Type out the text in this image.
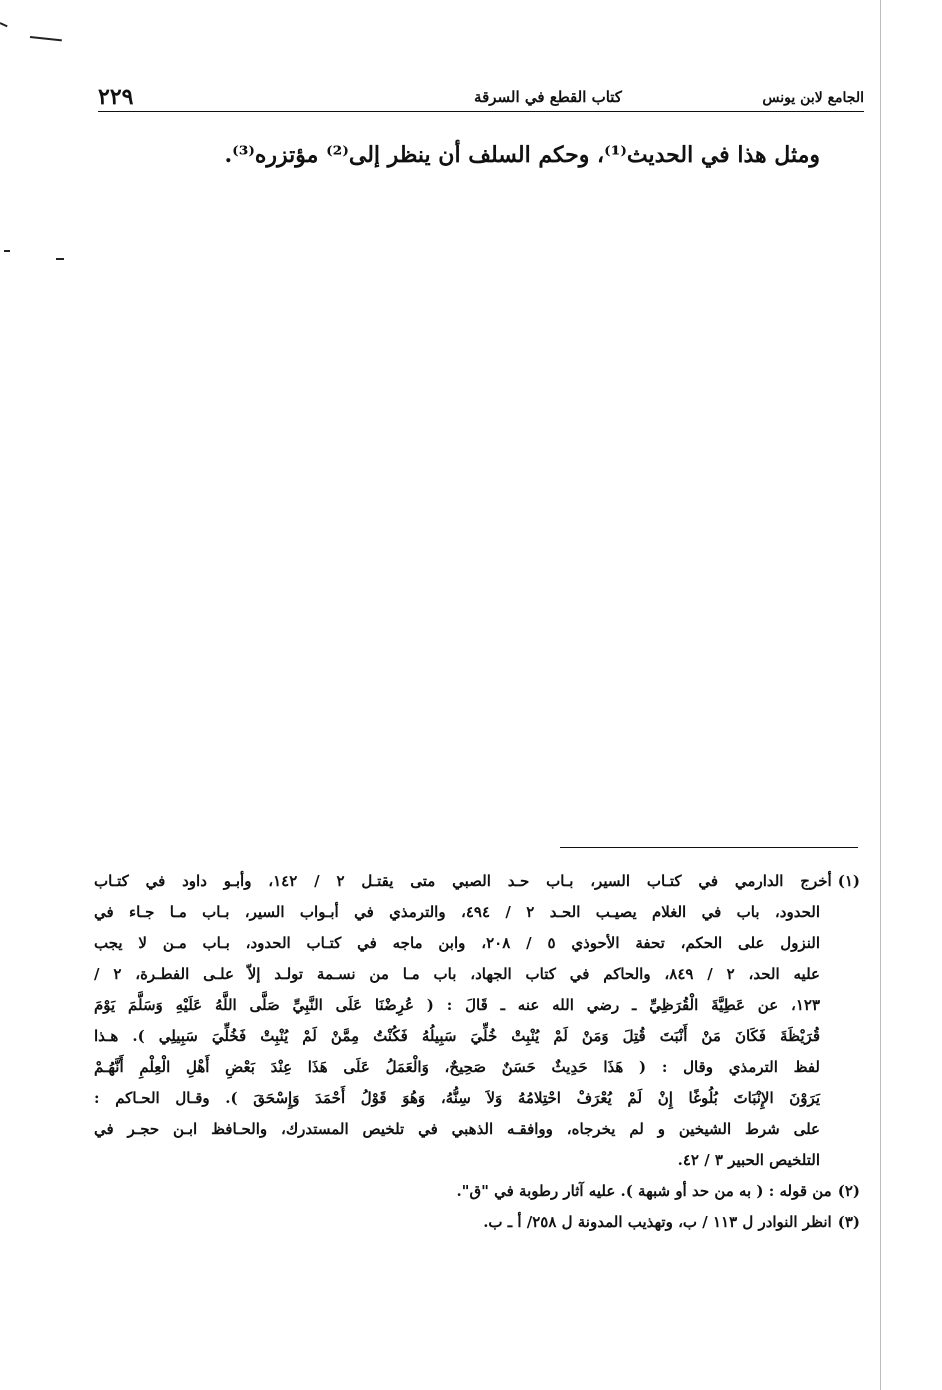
٢٢٩	كتاب القطع في السرقة	الجامع لابن يونس
ومثل هذا في الحديث⁽¹⁾، وحكم السلف أن ينظر إلى⁽²⁾ مؤتزره⁽³⁾.
(١)أخرج الدارمي في كتـاب السير، بـاب حـد الصبي متى يقتـل ٢ / ١٤٢، وأبـو داود في كتـاب
الحدود، باب في الغلام يصيـب الحـد ٢ / ٤٩٤، والترمذي في أبـواب السير، بـاب مـا جـاء في
النزول على الحكم، تحفة الأحوذي ٥ / ٢٠٨، وابن ماجه في كتـاب الحدود، بـاب مـن لا يجب
عليه الحد، ٢ / ٨٤٩، والحاكم في كتاب الجهاد، باب مـا من نسـمة تولـد إلاّ علـى الفطـرة، ٢ /
١٢٣، عن عَطِيَّةَ الْقُرَظِيِّ ـ رضي الله عنه ـ قَالَ : ( عُرِضْنَا عَلَى النَّبِيِّ صَلَّى اللَّهُ عَلَيْهِ وَسَلَّمَ يَوْمَ
قُرَيْظَةَ فَكَانَ مَنْ أَنْبَتَ قُتِلَ وَمَنْ لَمْ يُنْبِتْ خُلِّيَ سَبِيلُهُ فَكُنْتُ مِمَّنْ لَمْ يُنْبِتْ فَخُلِّيَ سَبِيلِي ). هـذا
لفظ الترمذي وقال : ( هَذَا حَدِيثٌ حَسَنٌ صَحِيحٌ، وَالْعَمَلُ عَلَى هَذَا عِنْدَ بَعْضِ أَهْلِ الْعِلْمِ أَنَّهُـمْ
يَرَوْنَ الإِنْبَاتَ بُلُوغًا إِنْ لَمْ يُعْرَفْ احْتِلامُهُ وَلاَ سِنُّهُ، وَهُوَ قَوْلُ أَحْمَدَ وَإِسْحَقَ ). وقـال الحـاكم :
على شرط الشيخين و لم يخرجاه، ووافقـه الذهبي في تلخيص المستدرك، والحـافظ ابـن حجـر في
التلخيص الحبير ٣ / ٤٢.
(٢)من قوله : ( به من حد أو شبهة ). عليه آثار رطوبة في "ق".
(٣)انظر النوادر ل ١١٣ / ب، وتهذيب المدونة ل ٢٥٨/ أ ـ ب.
